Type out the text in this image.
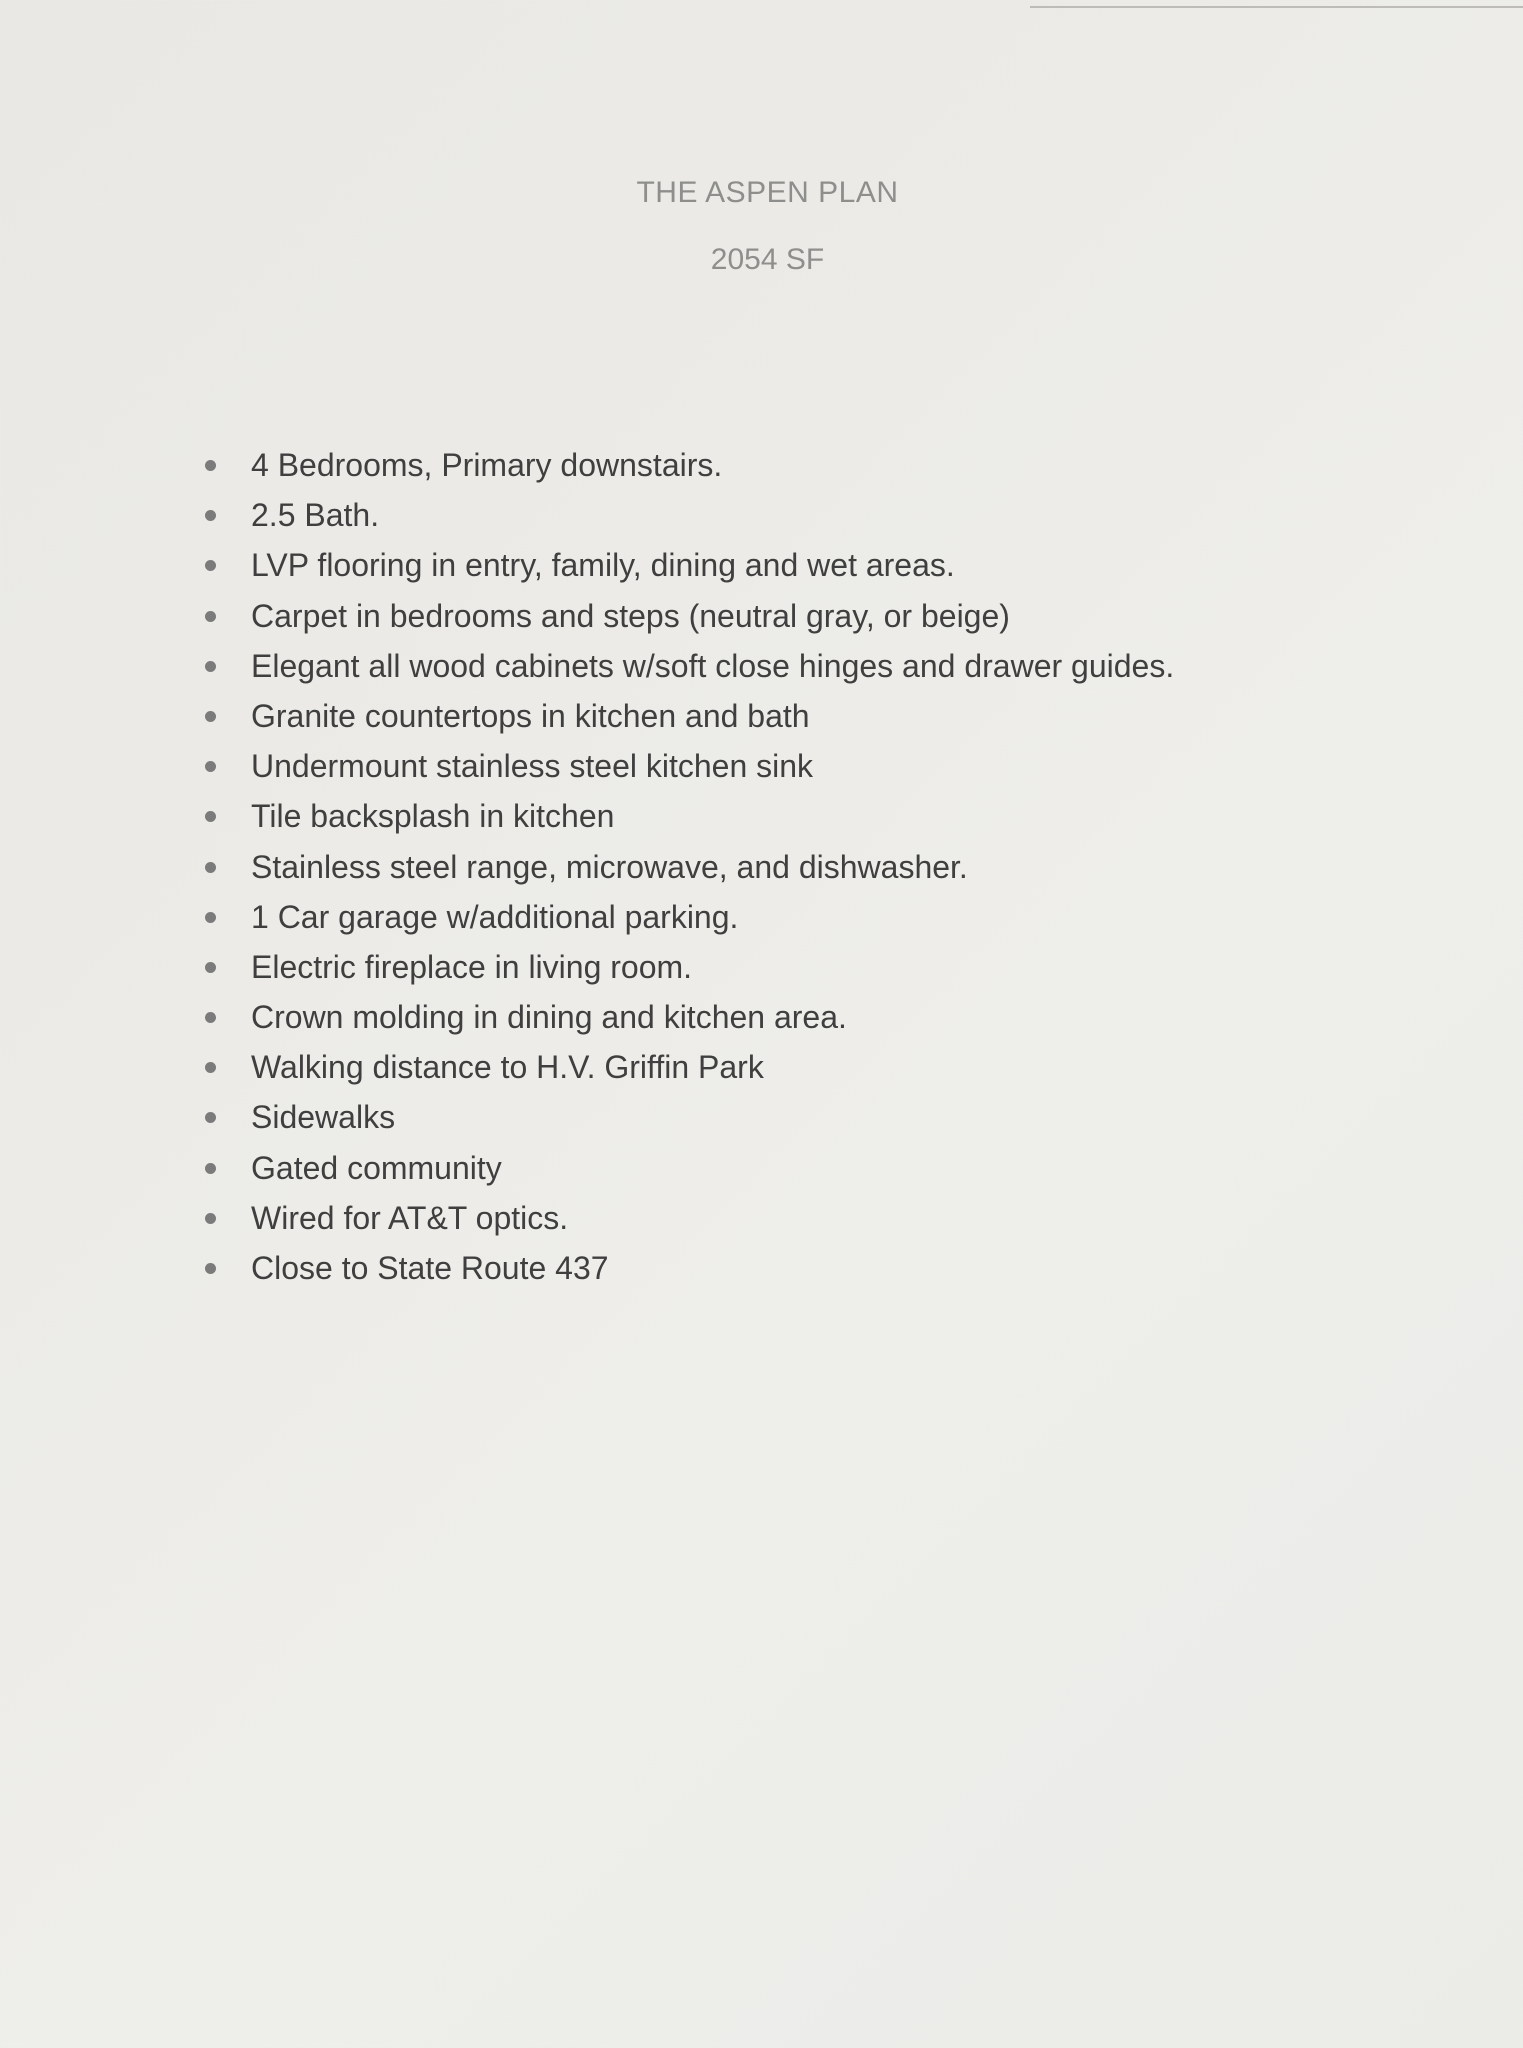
THE ASPEN PLAN
2054 SF
4 Bedrooms, Primary downstairs.
2.5 Bath.
LVP flooring in entry, family, dining and wet areas.
Carpet in bedrooms and steps (neutral gray, or beige)
Elegant all wood cabinets w/soft close hinges and drawer guides.
Granite countertops in kitchen and bath
Undermount stainless steel kitchen sink
Tile backsplash in kitchen
Stainless steel range, microwave, and dishwasher.
1 Car garage w/additional parking.
Electric fireplace in living room.
Crown molding in dining and kitchen area.
Walking distance to H.V. Griffin Park
Sidewalks
Gated community
Wired for AT&T optics.
Close to State Route 437
